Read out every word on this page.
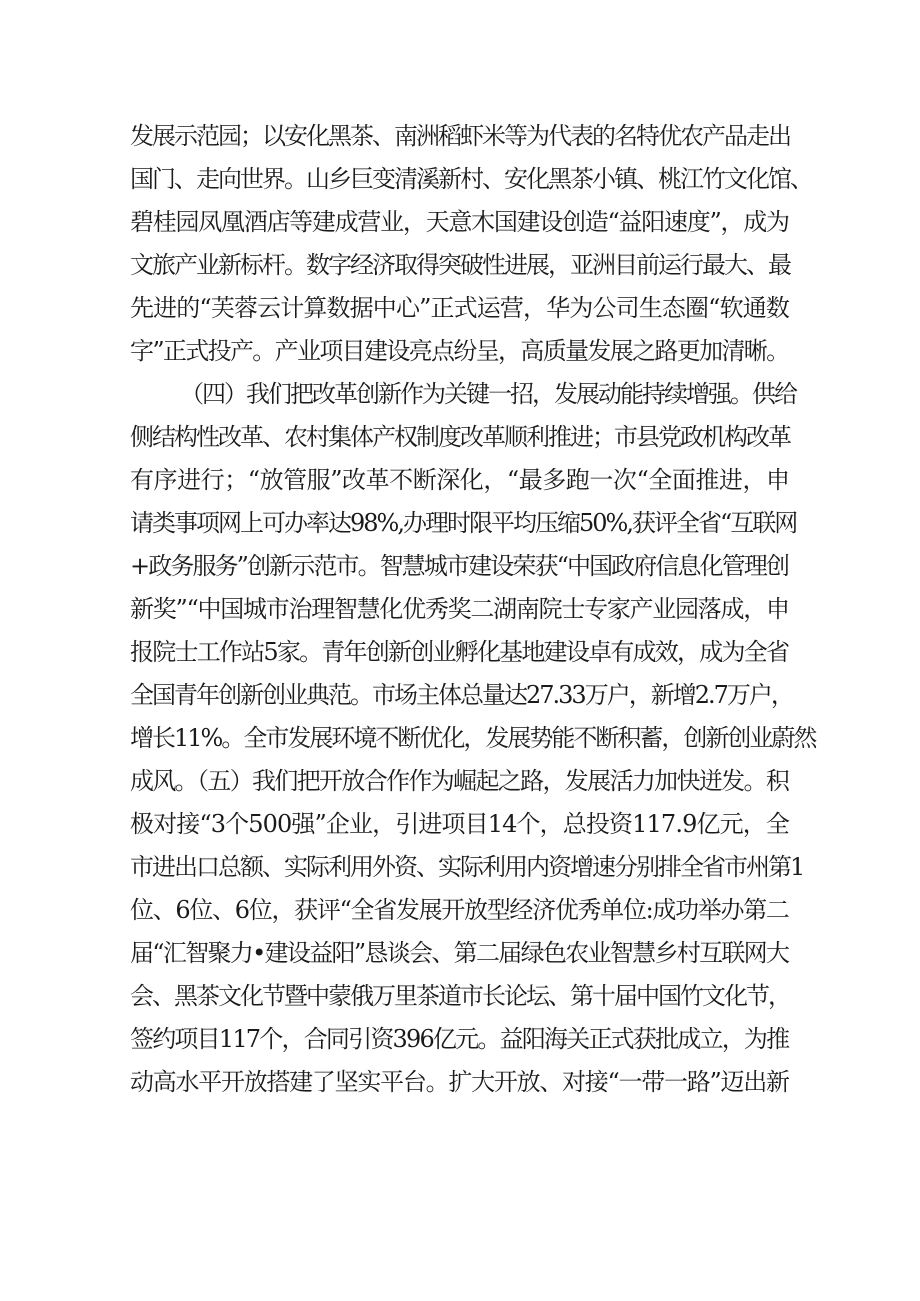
发展示范园；以安化黑茶、南洲稻虾米等为代表的名特优农产品走出
国门、走向世界。山乡巨变清溪新村、安化黑茶小镇、桃江竹文化馆、
碧桂园凤凰酒店等建成营业，天意木国建设创造“益阳速度”，成为
文旅产业新标杆。数字经济取得突破性进展，亚洲目前运行最大、最
先进的“芙蓉云计算数据中心”正式运营，华为公司生态圈“软通数
字”正式投产。产业项目建设亮点纷呈，高质量发展之路更加清晰。
（四）我们把改革创新作为关键一招，发展动能持续增强。供给
侧结构性改革、农村集体产权制度改革顺利推进；市县党政机构改革
有序进行；“放管服”改革不断深化，“最多跑一次“全面推进，申
请类事项网上可办率达98%,办理时限平均压缩50%,获评全省“互联网
+政务服务”创新示范市。智慧城市建设荣获“中国政府信息化管理创
新奖”“中国城市治理智慧化优秀奖二湖南院士专家产业园落成，申
报院士工作站5家。青年创新创业孵化基地建设卓有成效，成为全省
全国青年创新创业典范。市场主体总量达27.33万户，新增2.7万户，
增长11%。全市发展环境不断优化，发展势能不断积蓄，创新创业蔚然
成风。（五）我们把开放合作作为崛起之路，发展活力加快迸发。积
极对接“3个500强”企业，引进项目14个，总投资117.9亿元，全
市进出口总额、实际利用外资、实际利用内资增速分别排全省市州第1
位、6位、6位，获评“全省发展开放型经济优秀单位:成功举办第二
届“汇智聚力•建设益阳”恳谈会、第二届绿色农业智慧乡村互联网大
会、黑茶文化节暨中蒙俄万里茶道市长论坛、第十届中国竹文化节，
签约项目117个，合同引资396亿元。益阳海关正式获批成立，为推
动高水平开放搭建了坚实平台。扩大开放、对接“一带一路”迈出新
